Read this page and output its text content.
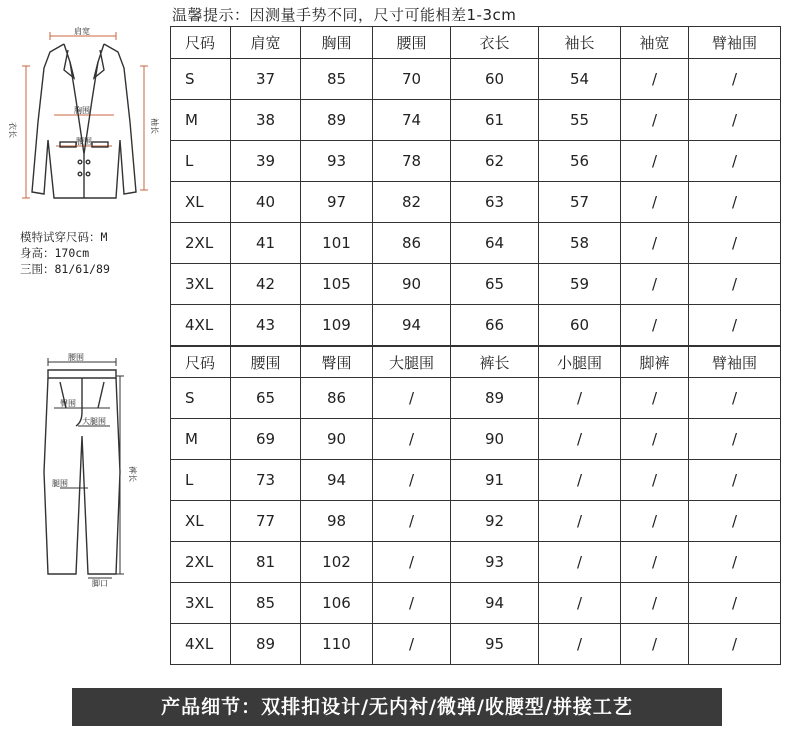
温馨提示：因测量手势不同，尺寸可能相差1-3cm
肩宽
胸围
腰围
衣长	袖长
模特试穿尺码：M
身高：170cm
三围：81/61/89
腰围
臀围
大腿围
腿围
裤长
脚口
尺码	肩宽	胸围	腰围	衣长	袖长	袖宽	臂袖围
S	37	85	70	60	54	/	/
M	38	89	74	61	55	/	/
L	39	93	78	62	56	/	/
XL	40	97	82	63	57	/	/
2XL	41	101	86	64	58	/	/
3XL	42	105	90	65	59	/	/
4XL	43	109	94	66	60	/	/
尺码	腰围	臀围	大腿围	裤长	小腿围	脚裤	臂袖围
S	65	86	/	89	/	/	/
M	69	90	/	90	/	/	/
L	73	94	/	91	/	/	/
XL	77	98	/	92	/	/	/
2XL	81	102	/	93	/	/	/
3XL	85	106	/	94	/	/	/
4XL	89	110	/	95	/	/	/
产品细节：双排扣设计/无内衬/微弹/收腰型/拼接工艺
